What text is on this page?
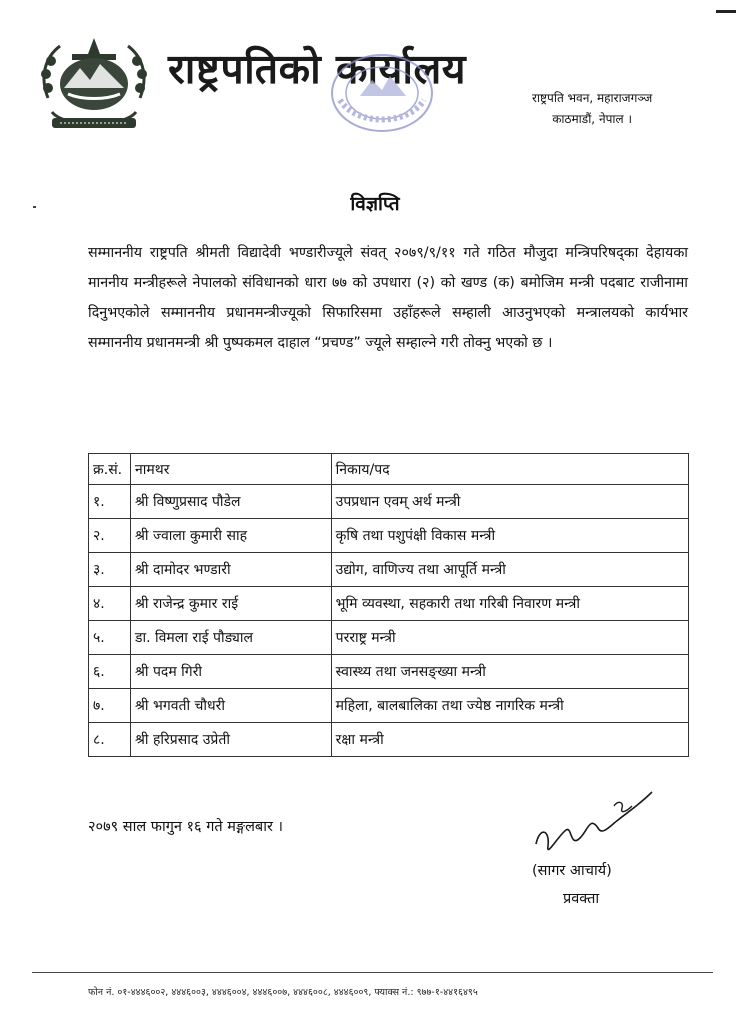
राष्ट्रपतिको कार्यालय
राष्ट्रपति भवन, महाराजगञ्ज
काठमाडौं, नेपाल ।
विज्ञप्ति
सम्माननीय राष्ट्रपति श्रीमती विद्यादेवी भण्डारीज्यूले संवत् २०७९/९/११ गते गठित मौजुदा मन्त्रिपरिषद्का देहायका माननीय मन्त्रीहरूले नेपालको संविधानको धारा ७७ को उपधारा (२) को खण्ड (क) बमोजिम मन्त्री पदबाट राजीनामा दिनुभएकोले सम्माननीय प्रधानमन्त्रीज्यूको सिफारिसमा उहाँहरूले सम्हाली आउनुभएको मन्त्रालयको कार्यभार सम्माननीय प्रधानमन्त्री श्री पुष्पकमल दाहाल “प्रचण्ड” ज्यूले सम्हाल्ने गरी तोक्नु भएको छ ।
क्र.सं.	नामथर	निकाय/पद
१.	श्री विष्णुप्रसाद पौडेल	उपप्रधान एवम् अर्थ मन्त्री
२.	श्री ज्वाला कुमारी साह	कृषि तथा पशुपंक्षी विकास मन्त्री
३.	श्री दामोदर भण्डारी	उद्योग, वाणिज्य तथा आपूर्ति मन्त्री
४.	श्री राजेन्द्र कुमार राई	भूमि व्यवस्था, सहकारी तथा गरिबी निवारण मन्त्री
५.	डा. विमला राई पौड्याल	परराष्ट्र मन्त्री
६.	श्री पदम गिरी	स्वास्थ्य तथा जनसङ्ख्या मन्त्री
७.	श्री भगवती चौधरी	महिला, बालबालिका तथा ज्येष्ठ नागरिक मन्त्री
८.	श्री हरिप्रसाद उप्रेती	रक्षा मन्त्री
२०७९ साल फागुन १६ गते मङ्गलबार ।
(सागर आचार्य)
प्रवक्ता
फोन नं. ०१-४४४६००२, ४४४६००३, ४४४६००४, ४४४६००७, ४४४६००८, ४४४६००९, फ्याक्स नं.: ९७७-१-४४१६४९५
